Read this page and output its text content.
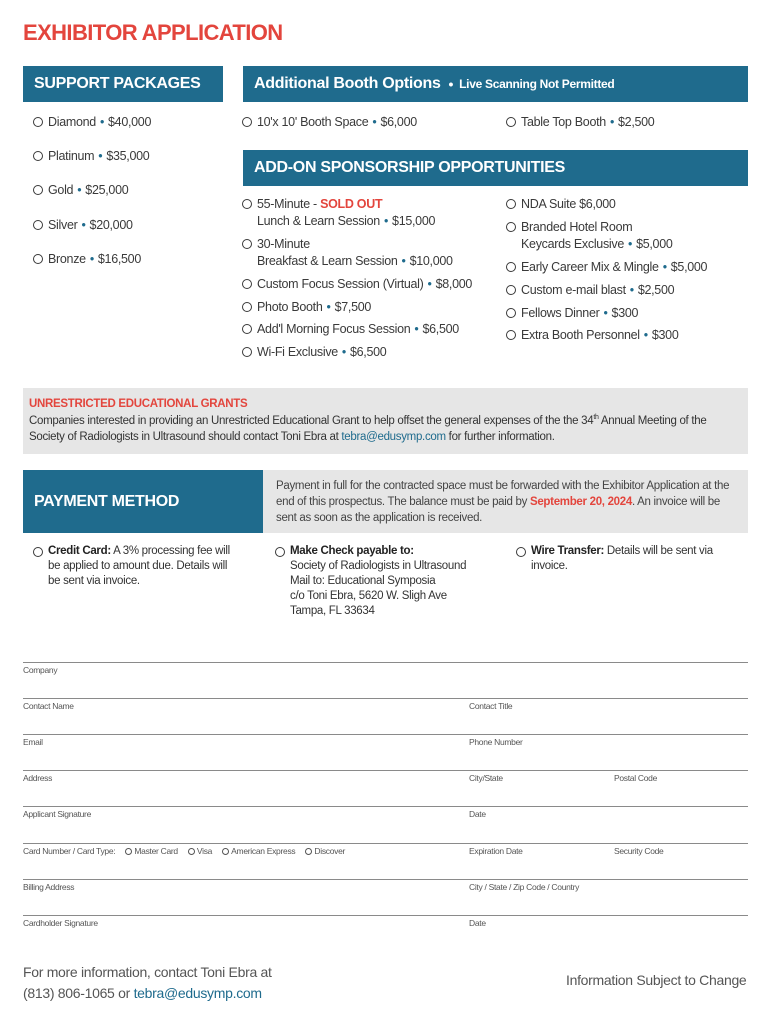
EXHIBITOR APPLICATION
SUPPORT PACKAGES
Diamond • $40,000
Platinum • $35,000
Gold • $25,000
Silver • $20,000
Bronze • $16,500
Additional Booth Options • Live Scanning Not Permitted
10'x 10' Booth Space • $6,000	Table Top Booth • $2,500
ADD-ON SPONSORSHIP OPPORTUNITIES
55-Minute - SOLD OUT
Lunch & Learn Session • $15,000
30-Minute
Breakfast & Learn Session • $10,000
Custom Focus Session (Virtual) • $8,000
Photo Booth • $7,500
Add'l Morning Focus Session • $6,500
Wi-Fi Exclusive • $6,500
NDA Suite $6,000
Branded Hotel Room
Keycards Exclusive • $5,000
Early Career Mix & Mingle • $5,000
Custom e-mail blast • $2,500
Fellows Dinner • $300
Extra Booth Personnel • $300
UNRESTRICTED EDUCATIONAL GRANTS
Companies interested in providing an Unrestricted Educational Grant to help offset the general expenses of the the 34th Annual Meeting of the Society of Radiologists in Ultrasound should contact Toni Ebra at tebra@edusymp.com for further information.
PAYMENT METHOD
Payment in full for the contracted space must be forwarded with the Exhibitor Application at the end of this prospectus. The balance must be paid by September 20, 2024. An invoice will be sent as soon as the application is received.
Credit Card: A 3% processing fee will be applied to amount due. Details will be sent via invoice.
Make Check payable to:
Society of Radiologists in Ultrasound
Mail to: Educational Symposia
c/o Toni Ebra, 5620 W. Sligh Ave
Tampa, FL 33634
Wire Transfer: Details will be sent via invoice.
Company
Contact Name	Contact Title
Email	Phone Number
Address	City/State	Postal Code
Applicant Signature	Date
Card Number / Card Type: Master Card Visa American Express Discover	Expiration Date	Security Code
Billing Address	City / State / Zip Code / Country
Cardholder Signature	Date
For more information, contact Toni Ebra at
(813) 806-1065 or tebra@edusymp.com
Information Subject to Change
